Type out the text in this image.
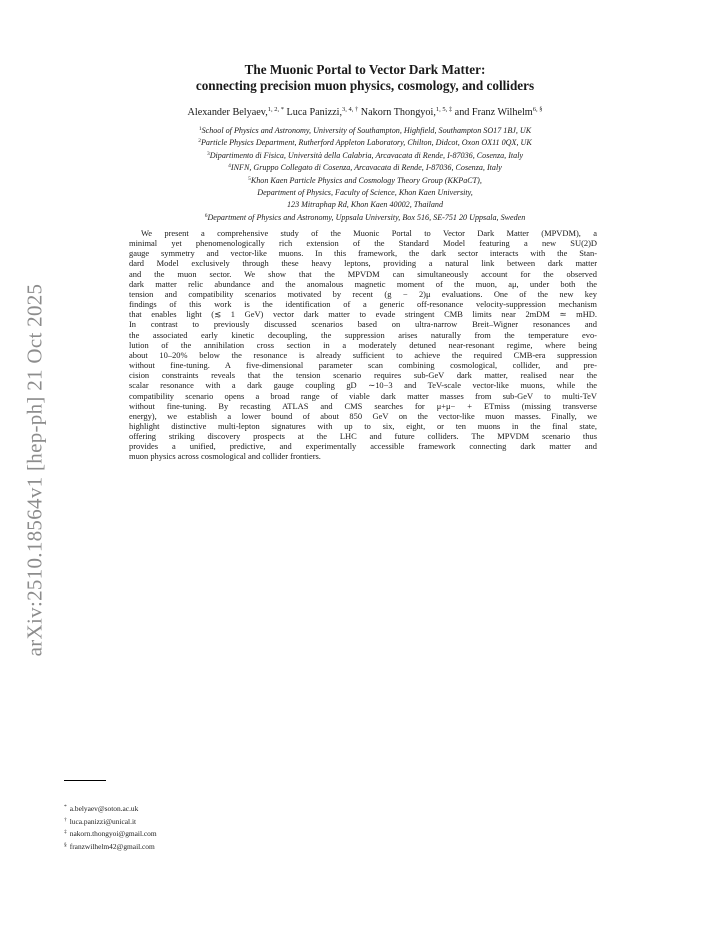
arXiv:2510.18564v1 [hep-ph] 21 Oct 2025
The Muonic Portal to Vector Dark Matter:
connecting precision muon physics, cosmology, and colliders
Alexander Belyaev,$^{1, 2, *}$ Luca Panizzi,$^{3, 4, \dagger}$ Nakorn Thongyoi,$^{1, 5, \ddagger}$ and Franz Wilhelm$^{6, \S}$
$^1$School of Physics and Astronomy, University of Southampton, Highfield, Southampton SO17 1BJ, UK
$^2$Particle Physics Department, Rutherford Appleton Laboratory, Chilton, Didcot, Oxon OX11 0QX, UK
$^3$Dipartimento di Fisica, Università della Calabria, Arcavacata di Rende, I-87036, Cosenza, Italy
$^4$INFN, Gruppo Collegato di Cosenza, Arcavacata di Rende, I-87036, Cosenza, Italy
$^5$Khon Kaen Particle Physics and Cosmology Theory Group (KKPaCT),
Department of Physics, Faculty of Science, Khon Kaen University,
123 Mitraphap Rd, Khon Kaen 40002, Thailand
$^6$Department of Physics and Astronomy, Uppsala University, Box 516, SE-751 20 Uppsala, Sweden
We present a comprehensive study of the Muonic Portal to Vector Dark Matter (MPVDM), a
minimal yet phenomenologically rich extension of the Standard Model featuring a new SU(2)D
gauge symmetry and vector-like muons. In this framework, the dark sector interacts with the Stan-
dard Model exclusively through these heavy leptons, providing a natural link between dark matter
and the muon sector. We show that the MPVDM can simultaneously account for the observed
dark matter relic abundance and the anomalous magnetic moment of the muon, aμ, under both the
tension and compatibility scenarios motivated by recent (g − 2)μ evaluations. One of the new key
findings of this work is the identification of a generic off-resonance velocity-suppression mechanism
that enables light (≲ 1 GeV) vector dark matter to evade stringent CMB limits near 2mDM ≃ mHD.
In contrast to previously discussed scenarios based on ultra-narrow Breit–Wigner resonances and
the associated early kinetic decoupling, the suppression arises naturally from the temperature evo-
lution of the annihilation cross section in a moderately detuned near-resonant regime, where being
about 10–20% below the resonance is already sufficient to achieve the required CMB-era suppression
without fine-tuning. A five-dimensional parameter scan combining cosmological, collider, and pre-
cision constraints reveals that the tension scenario requires sub-GeV dark matter, realised near the
scalar resonance with a dark gauge coupling gD ∼10−3 and TeV-scale vector-like muons, while the
compatibility scenario opens a broad range of viable dark matter masses from sub-GeV to multi-TeV
without fine-tuning. By recasting ATLAS and CMS searches for μ+μ− + ETmiss (missing transverse
energy), we establish a lower bound of about 850 GeV on the vector-like muon masses. Finally, we
highlight distinctive multi-lepton signatures with up to six, eight, or ten muons in the final state,
offering striking discovery prospects at the LHC and future colliders. The MPVDM scenario thus
provides a unified, predictive, and experimentally accessible framework connecting dark matter and
muon physics across cosmological and collider frontiers.
* a.belyaev@soton.ac.uk
† luca.panizzi@unical.it
‡ nakorn.thongyoi@gmail.com
§ franzwilhelm42@gmail.com
